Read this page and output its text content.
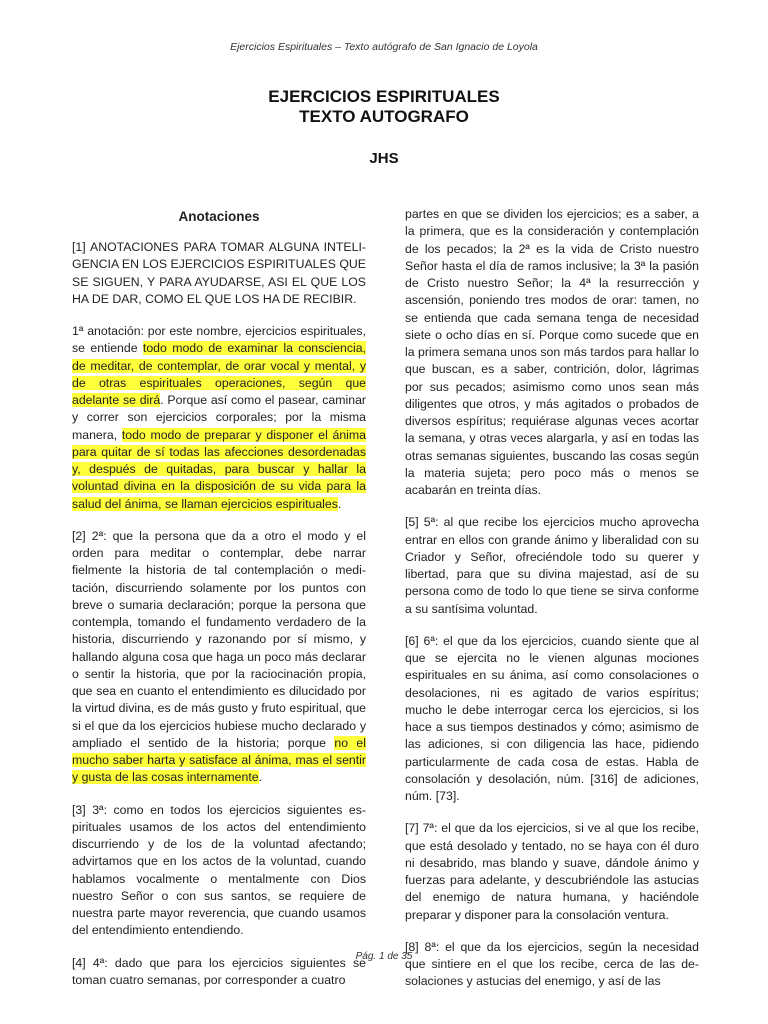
Ejercicios Espirituales – Texto autógrafo de San Ignacio de Loyola
EJERCICIOS ESPIRITUALES
TEXTO AUTOGRAFO
JHS
Anotaciones

[1] ANOTACIONES PARA TOMAR ALGUNA INTELIGENCIA EN LOS EJERCICIOS ESPIRITUALES QUE SE SIGUEN, Y PARA AYUDARSE, ASI EL QUE LOS HA DE DAR, COMO EL QUE LOS HA DE RECIBIR.

1ª anotación: por este nombre, ejercicios espirituales, se entiende todo modo de examinar la consciencia, de meditar, de contemplar, de orar vocal y mental, y de otras espirituales operaciones, según que adelante se dirá. Porque así como el pasear, caminar y correr son ejercicios corporales; por la misma manera, todo modo de preparar y disponer el ánima para quitar de sí todas las afecciones desordenadas y, después de quitadas, para buscar y hallar la voluntad divina en la disposición de su vida para la salud del ánima, se llaman ejercicios espirituales.

[2] 2ª: que la persona que da a otro el modo y el orden para meditar o contemplar, debe narrar fielmente la historia de tal contemplación o meditación, discurriendo solamente por los puntos con breve o sumaria declaración; porque la persona que contempla, tomando el fundamento verdadero de la historia, discurriendo y razonando por sí mismo, y hallando alguna cosa que haga un poco más declarar o sentir la historia, que por la raciocinación propia, que sea en cuanto el entendimiento es dilucidado por la virtud divina, es de más gusto y fruto espiritual, que si el que da los ejercicios hubiese mucho declarado y ampliado el sentido de la historia; porque no el mucho saber harta y satisface al ánima, mas el sentir y gusta de las cosas internamente.

[3] 3ª: como en todos los ejercicios siguientes espirituales usamos de los actos del entendimiento discurriendo y de los de la voluntad afectando; advirtamos que en los actos de la voluntad, cuando hablamos vocalmente o mentalmente con Dios nuestro Señor o con sus santos, se requiere de nuestra parte mayor reverencia, que cuando usamos del entendimiento entendiendo.

[4] 4ª: dado que para los ejercicios siguientes se toman cuatro semanas, por corresponder a cuatro

partes en que se dividen los ejercicios; es a saber, a la primera, que es la consideración y contemplación de los pecados; la 2ª es la vida de Cristo nuestro Señor hasta el día de ramos inclusive; la 3ª la pasión de Cristo nuestro Señor; la 4ª la resurrección y ascensión, poniendo tres modos de orar: tamen, no se entienda que cada semana tenga de necesidad siete o ocho días en sí. Porque como sucede que en la primera semana unos son más tardos para hallar lo que buscan, es a saber, contrición, dolor, lágrimas por sus pecados; asimismo como unos sean más diligentes que otros, y más agitados o probados de diversos espíritus; requiérase algunas veces acortar la semana, y otras veces alargarla, y así en todas las otras semanas siguientes, buscando las cosas según la materia sujeta; pero poco más o menos se acabarán en treinta días.

[5] 5ª: al que recibe los ejercicios mucho aprovecha entrar en ellos con grande ánimo y liberalidad con su Criador y Señor, ofreciéndole todo su querer y libertad, para que su divina majestad, así de su persona como de todo lo que tiene se sirva conforme a su santísima voluntad.

[6] 6ª: el que da los ejercicios, cuando siente que al que se ejercita no le vienen algunas mociones espirituales en su ánima, así como consolaciones o desolaciones, ni es agitado de varios espíritus; mucho le debe interrogar cerca los ejercicios, si los hace a sus tiempos destinados y cómo; asimismo de las adiciones, si con diligencia las hace, pidiendo particularmente de cada cosa de estas. Habla de consolación y desolación, núm. [316] de adiciones, núm. [73].

[7] 7ª: el que da los ejercicios, si ve al que los recibe, que está desolado y tentado, no se haya con él duro ni desabrido, mas blando y suave, dándole ánimo y fuerzas para adelante, y descubriéndole las astucias del enemigo de natura humana, y haciéndole preparar y disponer para la consolación ventura.

[8] 8ª: el que da los ejercicios, según la necesidad que sintiere en el que los recibe, cerca de las desolaciones y astucias del enemigo, y así de las

Pág. 1 de 35
